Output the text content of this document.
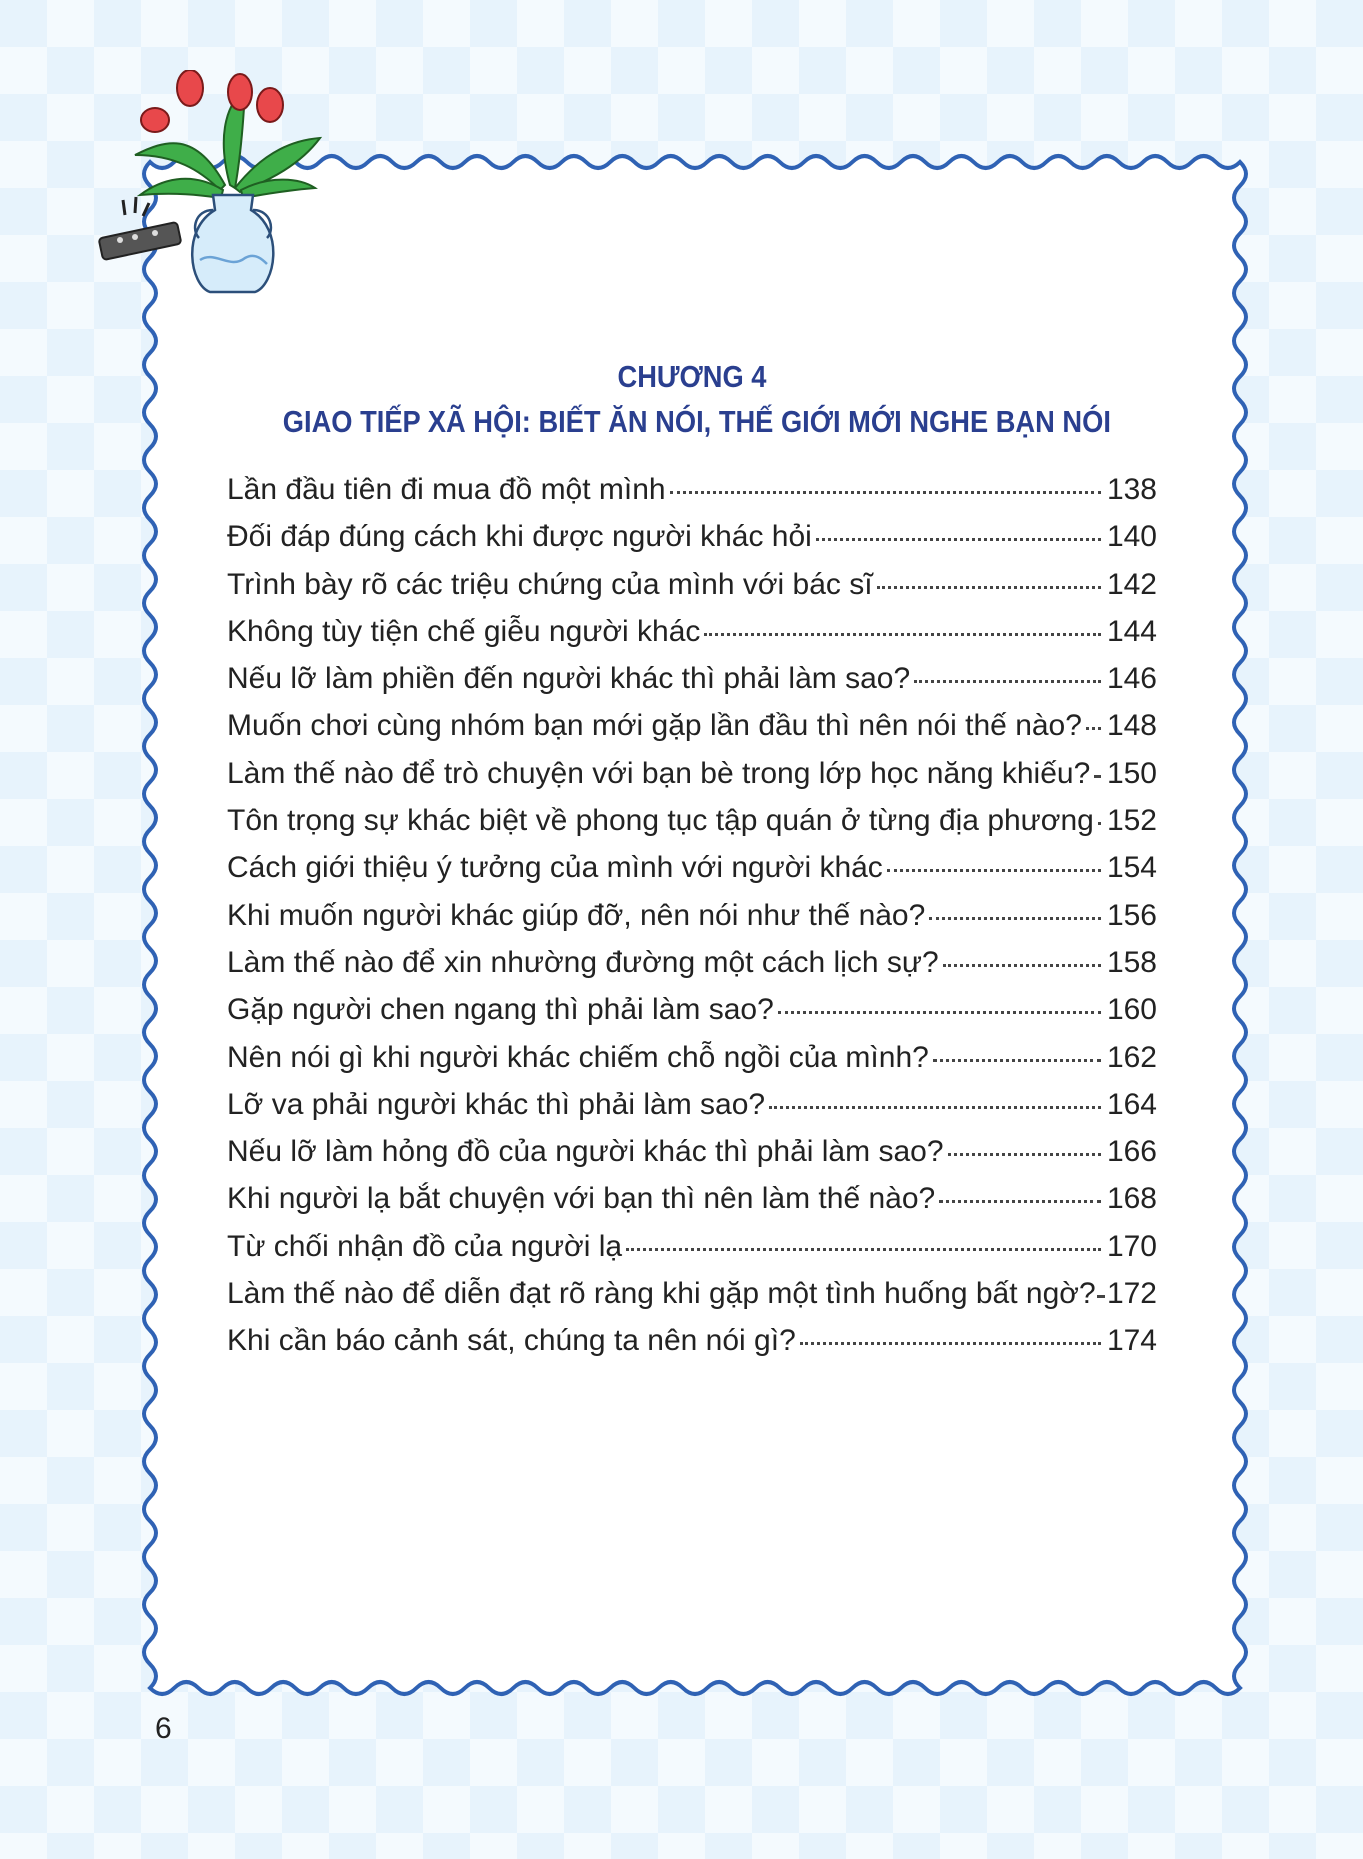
CHƯƠNG 4
GIAO TIẾP XÃ HỘI: BIẾT ĂN NÓI, THẾ GIỚI MỚI NGHE BẠN NÓI
Lần đầu tiên đi mua đồ một mình	138
Đối đáp đúng cách khi được người khác hỏi	140
Trình bày rõ các triệu chứng của mình với bác sĩ	142
Không tùy tiện chế giễu người khác	144
Nếu lỡ làm phiền đến người khác thì phải làm sao?	146
Muốn chơi cùng nhóm bạn mới gặp lần đầu thì nên nói thế nào? 148
Làm thế nào để trò chuyện với bạn bè trong lớp học năng khiếu? 150
Tôn trọng sự khác biệt về phong tục tập quán ở từng địa phương 152
Cách giới thiệu ý tưởng của mình với người khác	154
Khi muốn người khác giúp đỡ, nên nói như thế nào?	156
Làm thế nào để xin nhường đường một cách lịch sự?	158
Gặp người chen ngang thì phải làm sao?	160
Nên nói gì khi người khác chiếm chỗ ngồi của mình?	162
Lỡ va phải người khác thì phải làm sao?	164
Nếu lỡ làm hỏng đồ của người khác thì phải làm sao?	166
Khi người lạ bắt chuyện với bạn thì nên làm thế nào?	168
Từ chối nhận đồ của người lạ	170
Làm thế nào để diễn đạt rõ ràng khi gặp một tình huống bất ngờ? 172
Khi cần báo cảnh sát, chúng ta nên nói gì?	174
6
